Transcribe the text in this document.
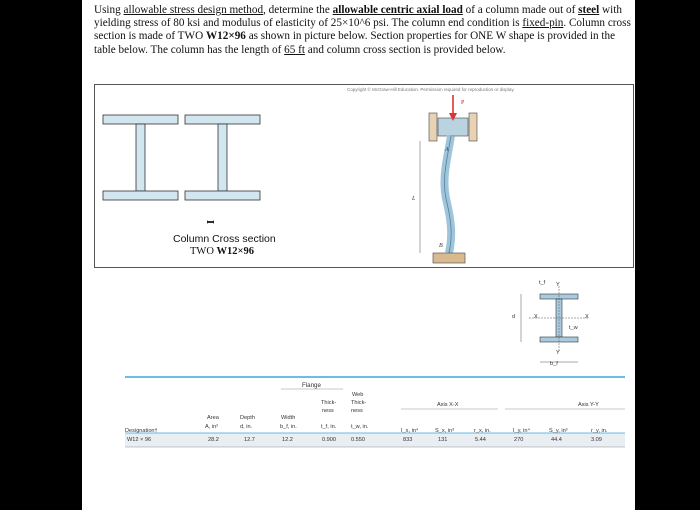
Using allowable stress design method, determine the allowable centric axial load of a column made out of steel with yielding stress of 80 ksi and modulus of elasticity of 25×10^6 psi. The column end condition is fixed-pin. Column cross section is made of TWO W12×96 as shown in picture below. Section properties for ONE W shape is provided in the table below. The column has the length of 65 ft and column cross section is provided below.

Copyright © McGraw-Hill Education. Permission required for reproduction or display.
I
Column Cross section
TWO W12×96
P
A
L
B
t_f Y
Y
X	X
d
t_w
b_f
Flange
Web
Thick-
ness
Thick-
ness
Axis X-X	Axis Y-Y
Area	Depth	Width
Designation†
A, in²	d, in.	b_f, in.	t_f, in.	t_w, in.
I_x, in⁴	S_x, in³	r_x, in.	I_y, in⁴	S_y, in³	r_y, in.
W12 × 96	28.2	12.7	12.2	0.900	0.550	833	131	5.44	270	44.4	3.09
